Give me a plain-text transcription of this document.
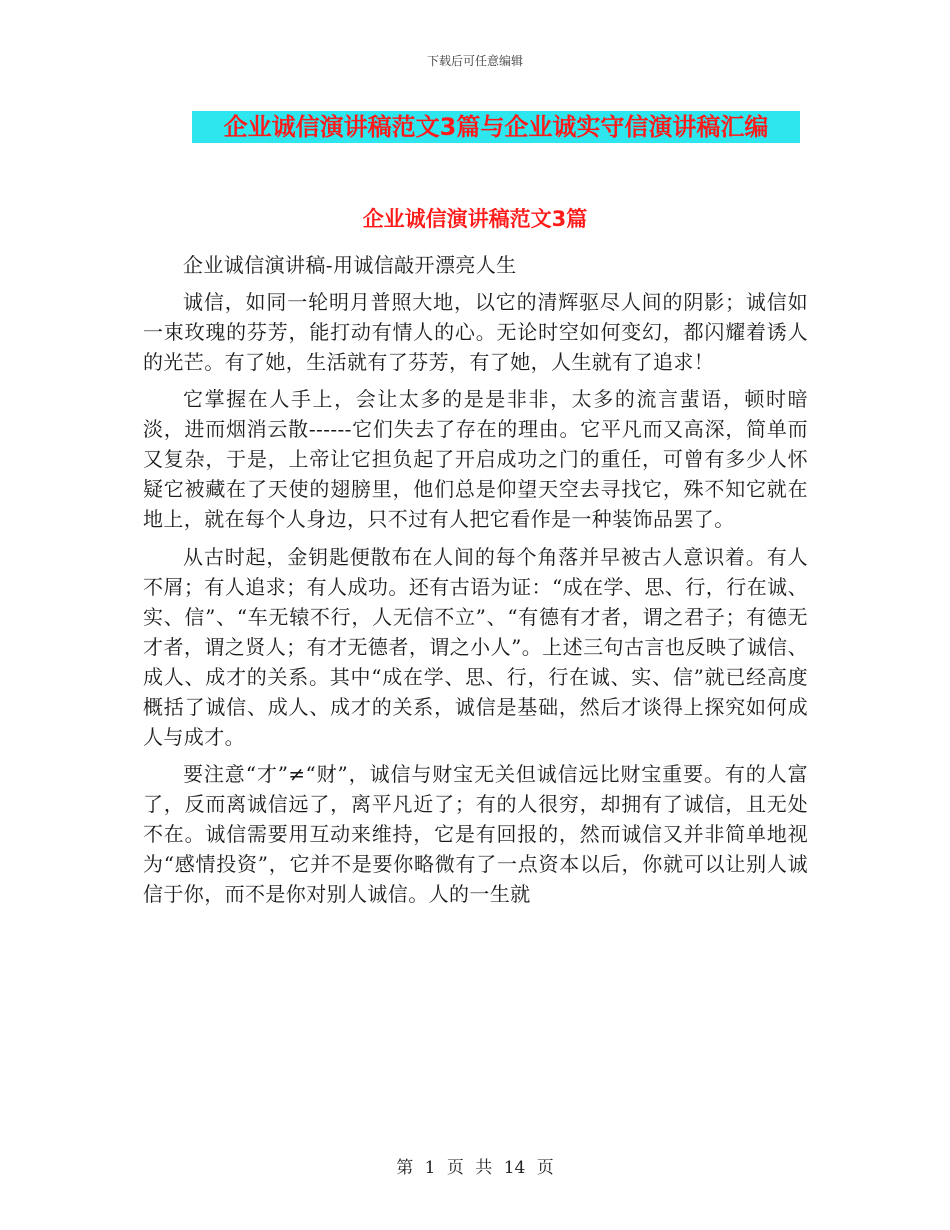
下载后可任意编辑
企业诚信演讲稿范文3篇与企业诚实守信演讲稿汇编
企业诚信演讲稿范文3篇

企业诚信演讲稿-用诚信敲开漂亮人生

诚信，如同一轮明月普照大地，以它的清辉驱尽人间的阴影；诚信如一束玫瑰的芬芳，能打动有情人的心。无论时空如何变幻，都闪耀着诱人的光芒。有了她，生活就有了芬芳，有了她，人生就有了追求！

它掌握在人手上，会让太多的是是非非，太多的流言蜚语，顿时暗淡，进而烟消云散------它们失去了存在的理由。它平凡而又高深，简单而又复杂，于是，上帝让它担负起了开启成功之门的重任，可曾有多少人怀疑它被藏在了天使的翅膀里，他们总是仰望天空去寻找它，殊不知它就在地上，就在每个人身边，只不过有人把它看作是一种装饰品罢了。

从古时起，金钥匙便散布在人间的每个角落并早被古人意识着。有人不屑；有人追求；有人成功。还有古语为证：“成在学、思、行，行在诚、实、信”、“车无辕不行，人无信不立”、“有德有才者，谓之君子；有德无才者，谓之贤人；有才无德者，谓之小人”。上述三句古言也反映了诚信、成人、成才的关系。其中“成在学、思、行，行在诚、实、信”就已经高度概括了诚信、成人、成才的关系，诚信是基础，然后才谈得上探究如何成人与成才。

要注意“才”≠“财”，诚信与财宝无关但诚信远比财宝重要。有的人富了，反而离诚信远了，离平凡近了；有的人很穷，却拥有了诚信，且无处不在。诚信需要用互动来维持，它是有回报的，然而诚信又并非简单地视为“感情投资”，它并不是要你略微有了一点资本以后，你就可以让别人诚信于你，而不是你对别人诚信。人的一生就

第 1 页 共 14 页
